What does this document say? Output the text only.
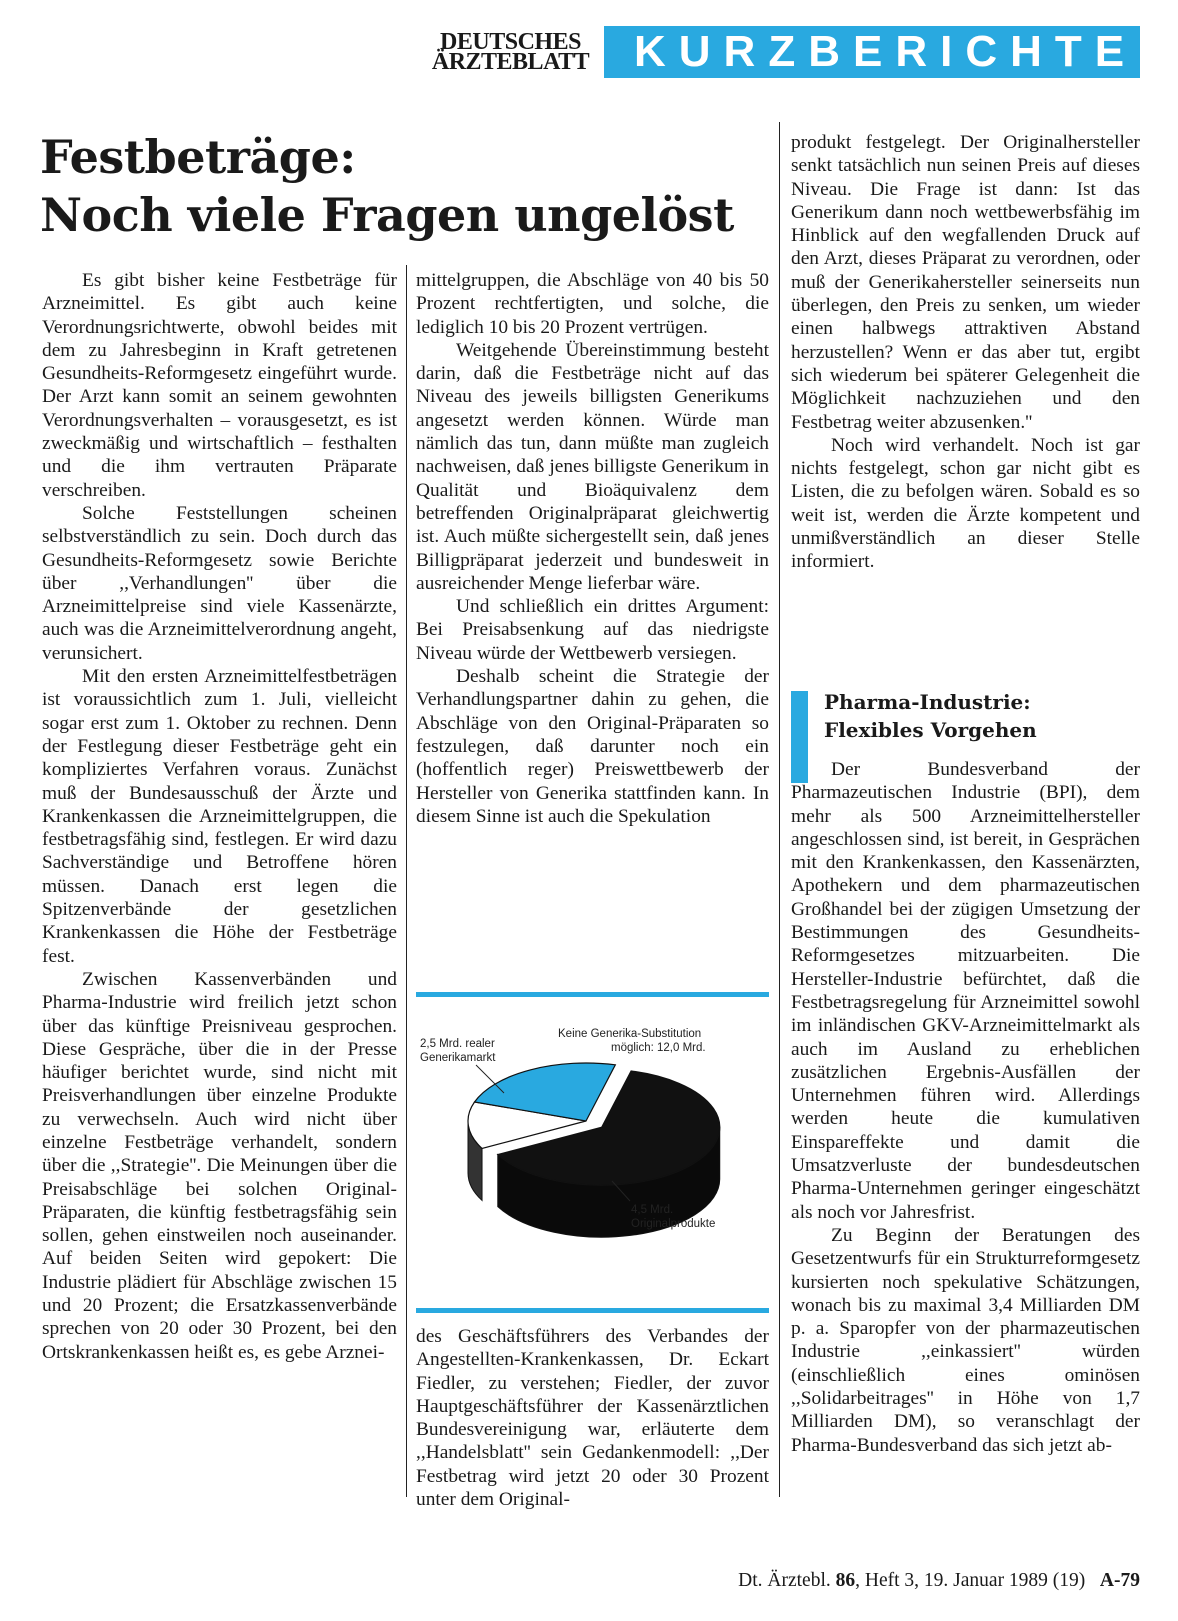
DEUTSCHES
ÄRZTEBLATT	KURZBERICHTE
Festbeträge:
Noch viele Fragen ungelöst

Es gibt bisher keine Festbeträge für Arzneimittel. Es gibt auch keine Verordnungsrichtwerte, obwohl beides mit dem zu Jahresbeginn in Kraft getretenen Gesundheits-Reformgesetz eingeführt wurde. Der Arzt kann somit an seinem gewohnten Verordnungsverhalten – vorausgesetzt, es ist zweckmäßig und wirtschaftlich – festhalten und die ihm vertrauten Präparate verschreiben.

Solche Feststellungen scheinen selbstverständlich zu sein. Doch durch das Gesundheits-Reformgesetz sowie Berichte über ,,Verhandlungen'' über die Arzneimittelpreise sind viele Kassenärzte, auch was die Arzneimittelverordnung angeht, verunsichert.

Mit den ersten Arzneimittelfestbeträgen ist voraussichtlich zum 1. Juli, vielleicht sogar erst zum 1. Oktober zu rechnen. Denn der Festlegung dieser Festbeträge geht ein kompliziertes Verfahren voraus. Zunächst muß der Bundesausschuß der Ärzte und Krankenkassen die Arzneimittelgruppen, die festbetragsfähig sind, festlegen. Er wird dazu Sachverständige und Betroffene hören müssen. Danach erst legen die Spitzenverbände der gesetzlichen Krankenkassen die Höhe der Festbeträge fest.

Zwischen Kassenverbänden und Pharma-Industrie wird freilich jetzt schon über das künftige Preisniveau gesprochen. Diese Gespräche, über die in der Presse häufiger berichtet wurde, sind nicht mit Preisverhandlungen über einzelne Produkte zu verwechseln. Auch wird nicht über einzelne Festbeträge verhandelt, sondern über die ,,Strategie''. Die Meinungen über die Preisabschläge bei solchen Original-Präparaten, die künftig festbetragsfähig sein sollen, gehen einstweilen noch auseinander. Auf beiden Seiten wird gepokert: Die Industrie plädiert für Abschläge zwischen 15 und 20 Prozent; die Ersatzkassenverbände sprechen von 20 oder 30 Prozent, bei den Ortskrankenkassen heißt es, es gebe Arznei-

mittelgruppen, die Abschläge von 40 bis 50 Prozent rechtfertigten, und solche, die lediglich 10 bis 20 Prozent vertrügen.

Weitgehende Übereinstimmung besteht darin, daß die Festbeträge nicht auf das Niveau des jeweils billigsten Generikums angesetzt werden können. Würde man nämlich das tun, dann müßte man zugleich nachweisen, daß jenes billigste Generikum in Qualität und Bioäquivalenz dem betreffenden Originalpräparat gleichwertig ist. Auch müßte sichergestellt sein, daß jenes Billigpräparat jederzeit und bundesweit in ausreichender Menge lieferbar wäre.

Und schließlich ein drittes Argument: Bei Preisabsenkung auf das niedrigste Niveau würde der Wettbewerb versiegen.

Deshalb scheint die Strategie der Verhandlungspartner dahin zu gehen, die Abschläge von den Original-Präparaten so festzulegen, daß darunter noch ein (hoffentlich reger) Preiswettbewerb der Hersteller von Generika stattfinden kann. In diesem Sinne ist auch die Spekulation

Keine Generika-Substitution
möglich: 12,0 Mrd.
2,5 Mrd. realer
Generikamarkt
4,5 Mrd.
Originalprodukte

des Geschäftsführers des Verbandes der Angestellten-Krankenkassen, Dr. Eckart Fiedler, zu verstehen; Fiedler, der zuvor Hauptgeschäftsführer der Kassenärztlichen Bundesvereinigung war, erläuterte dem ,,Handelsblatt'' sein Gedankenmodell: ,,Der Festbetrag wird jetzt 20 oder 30 Prozent unter dem Original-

produkt festgelegt. Der Originalhersteller senkt tatsächlich nun seinen Preis auf dieses Niveau. Die Frage ist dann: Ist das Generikum dann noch wettbewerbsfähig im Hinblick auf den wegfallenden Druck auf den Arzt, dieses Präparat zu verordnen, oder muß der Generikahersteller seinerseits nun überlegen, den Preis zu senken, um wieder einen halbwegs attraktiven Abstand herzustellen? Wenn er das aber tut, ergibt sich wiederum bei späterer Gelegenheit die Möglichkeit nachzuziehen und den Festbetrag weiter abzusenken.''

Noch wird verhandelt. Noch ist gar nichts festgelegt, schon gar nicht gibt es Listen, die zu befolgen wären. Sobald es so weit ist, werden die Ärzte kompetent und unmißverständlich an dieser Stelle informiert.

Pharma-Industrie:
Flexibles Vorgehen

Der Bundesverband der Pharmazeutischen Industrie (BPI), dem mehr als 500 Arzneimittelhersteller angeschlossen sind, ist bereit, in Gesprächen mit den Krankenkassen, den Kassenärzten, Apothekern und dem pharmazeutischen Großhandel bei der zügigen Umsetzung der Bestimmungen des Gesundheits-Reformgesetzes mitzuarbeiten. Die Hersteller-Industrie befürchtet, daß die Festbetragsregelung für Arzneimittel sowohl im inländischen GKV-Arzneimittelmarkt als auch im Ausland zu erheblichen zusätzlichen Ergebnis-Ausfällen der Unternehmen führen wird. Allerdings werden heute die kumulativen Einspareffekte und damit die Umsatzverluste der bundesdeutschen Pharma-Unternehmen geringer eingeschätzt als noch vor Jahresfrist.

Zu Beginn der Beratungen des Gesetzentwurfs für ein Strukturreformgesetz kursierten noch spekulative Schätzungen, wonach bis zu maximal 3,4 Milliarden DM p. a. Sparopfer von der pharmazeutischen Industrie ,,einkassiert'' würden (einschließlich eines ominösen ,,Solidarbeitrages'' in Höhe von 1,7 Milliarden DM), so veranschlagt der Pharma-Bundesverband das sich jetzt ab-

Dt. Ärztebl. 86, Heft 3, 19. Januar 1989 (19) A-79
